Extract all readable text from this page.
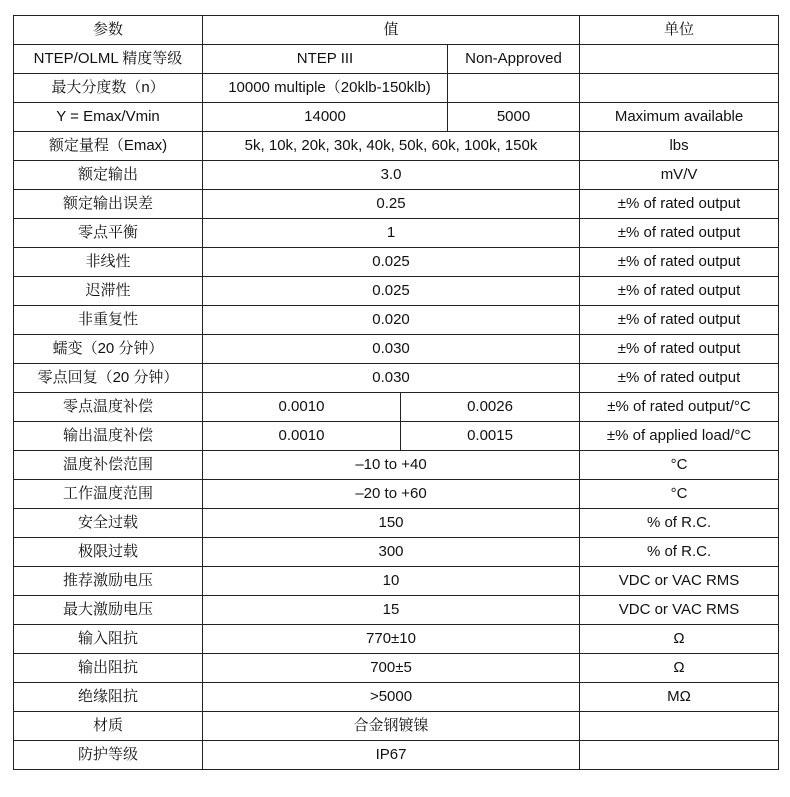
参数	值			单位
NTEP/OLML 精度等级	NTEP III		Non-Approved	
最大分度数（n）	10000 multiple（20klb-150klb)			
Y = Emax/Vmin	14000		5000	Maximum available
额定量程（Emax)	5k, 10k, 20k, 30k, 40k, 50k, 60k, 100k, 150k			lbs
额定输出	3.0			mV/V
额定输出误差	0.25			±% of rated output
零点平衡	1			±% of rated output
非线性	0.025			±% of rated output
迟滞性	0.025			±% of rated output
非重复性	0.020			±% of rated output
蠕变（20 分钟）	0.030			±% of rated output
零点回复（20 分钟）	0.030			±% of rated output
零点温度补偿	0.0010	0.0026		±% of rated output/°C
输出温度补偿	0.0010	0.0015		±% of applied load/°C
温度补偿范围	–10 to +40			°C
工作温度范围	–20 to +60			°C
安全过载	150			% of R.C.
极限过载	300			% of R.C.
推荐激励电压	10			VDC or VAC RMS
最大激励电压	15			VDC or VAC RMS
输入阻抗	770±10			Ω
输出阻抗	700±5			Ω
绝缘阻抗	>5000			MΩ
材质	合金钢镀镍			
防护等级	IP67			
